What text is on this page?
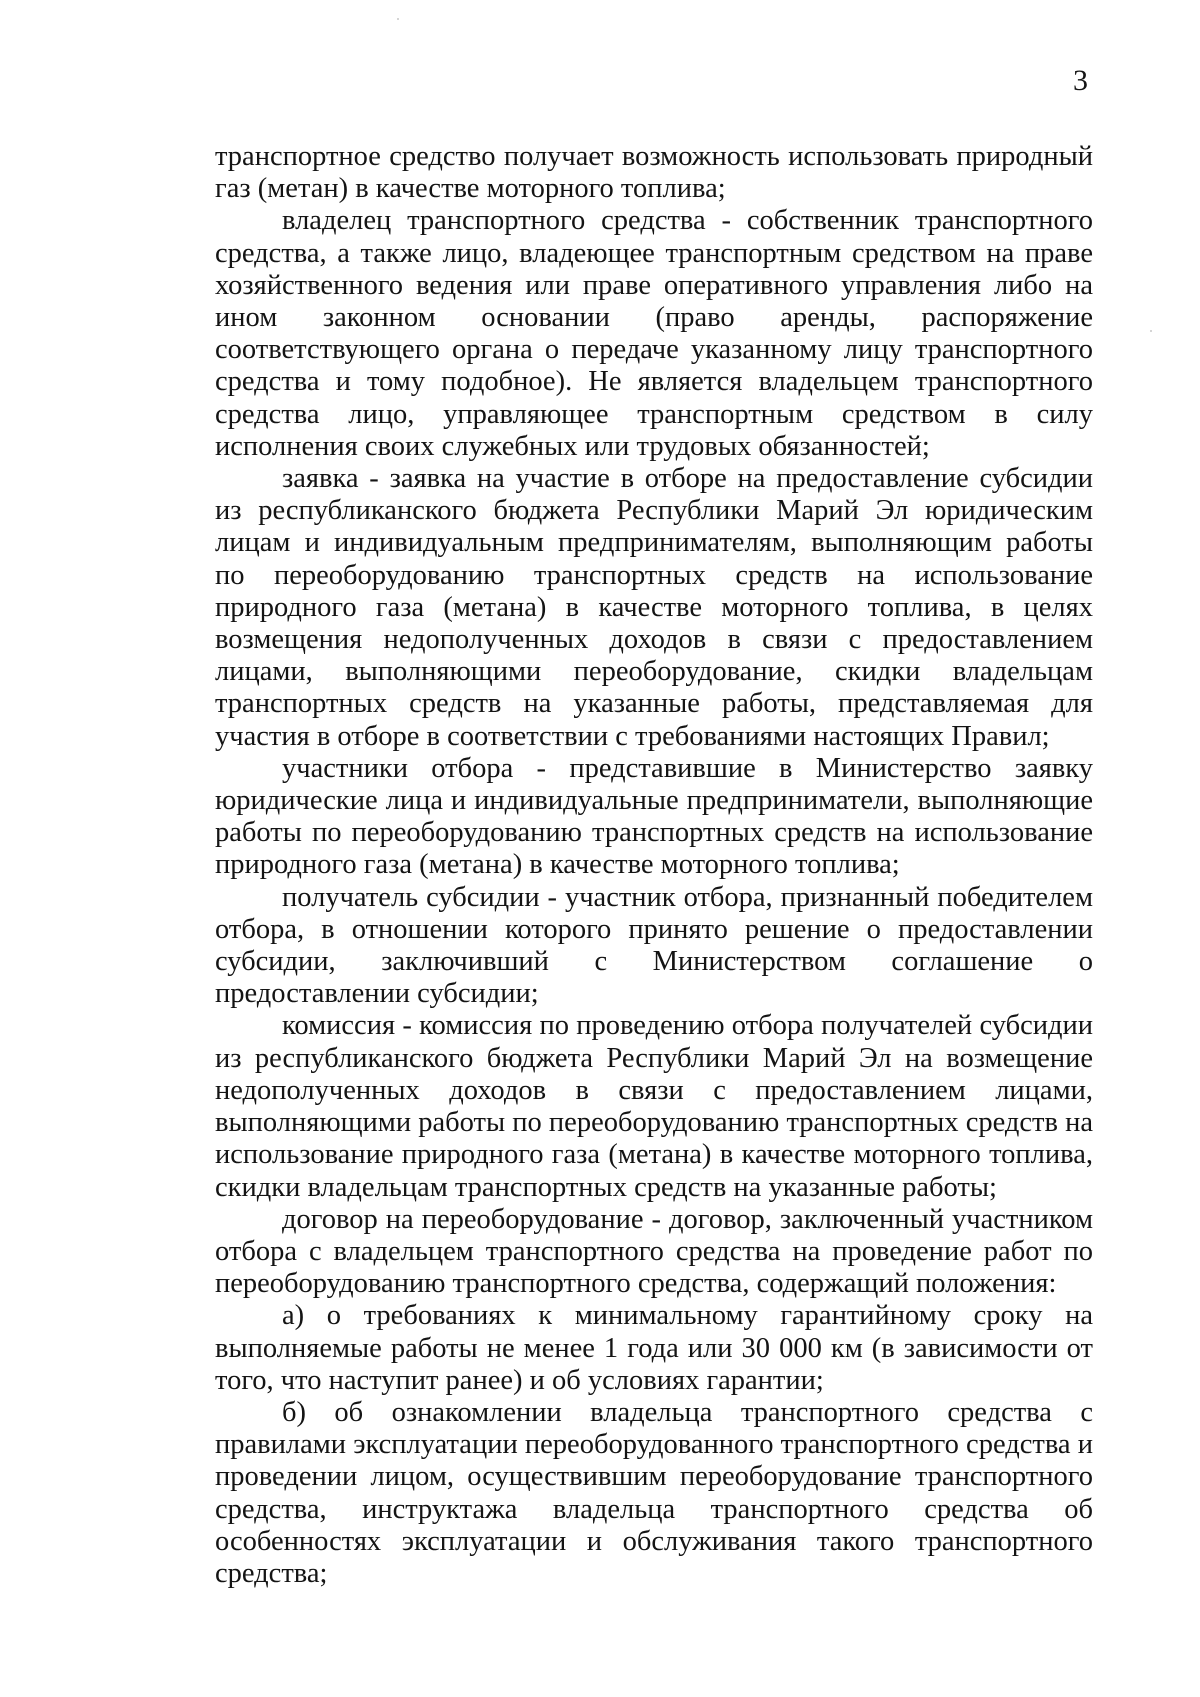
3

транспортное средство получает возможность использовать природный газ (метан) в качестве моторного топлива;

владелец транспортного средства - собственник транспортного средства, а также лицо, владеющее транспортным средством на праве хозяйственного ведения или праве оперативного управления либо на ином законном основании (право аренды, распоряжение соответствующего органа о передаче указанному лицу транспортного средства и тому подобное). Не является владельцем транспортного средства лицо, управляющее транспортным средством в силу исполнения своих служебных или трудовых обязанностей;

заявка - заявка на участие в отборе на предоставление субсидии из республиканского бюджета Республики Марий Эл юридическим лицам и индивидуальным предпринимателям, выполняющим работы по переоборудованию транспортных средств на использование природного газа (метана) в качестве моторного топлива, в целях возмещения недополученных доходов в связи с предоставлением лицами, выполняющими переоборудование, скидки владельцам транспортных средств на указанные работы, представляемая для участия в отборе в соответствии с требованиями настоящих Правил;

участники отбора - представившие в Министерство заявку юридические лица и индивидуальные предприниматели, выполняющие работы по переоборудованию транспортных средств на использование природного газа (метана) в качестве моторного топлива;

получатель субсидии - участник отбора, признанный победителем отбора, в отношении которого принято решение о предоставлении субсидии, заключивший с Министерством соглашение о предоставлении субсидии;

комиссия - комиссия по проведению отбора получателей субсидии из республиканского бюджета Республики Марий Эл на возмещение недополученных доходов в связи с предоставлением лицами, выполняющими работы по переоборудованию транспортных средств на использование природного газа (метана) в качестве моторного топлива, скидки владельцам транспортных средств на указанные работы;

договор на переоборудование - договор, заключенный участником отбора с владельцем транспортного средства на проведение работ по переоборудованию транспортного средства, содержащий положения:

а) о требованиях к минимальному гарантийному сроку на выполняемые работы не менее 1 года или 30 000 км (в зависимости от того, что наступит ранее) и об условиях гарантии;

б) об ознакомлении владельца транспортного средства с правилами эксплуатации переоборудованного транспортного средства и проведении лицом, осуществившим переоборудование транспортного средства, инструктажа владельца транспортного средства об особенностях эксплуатации и обслуживания такого транспортного средства;
